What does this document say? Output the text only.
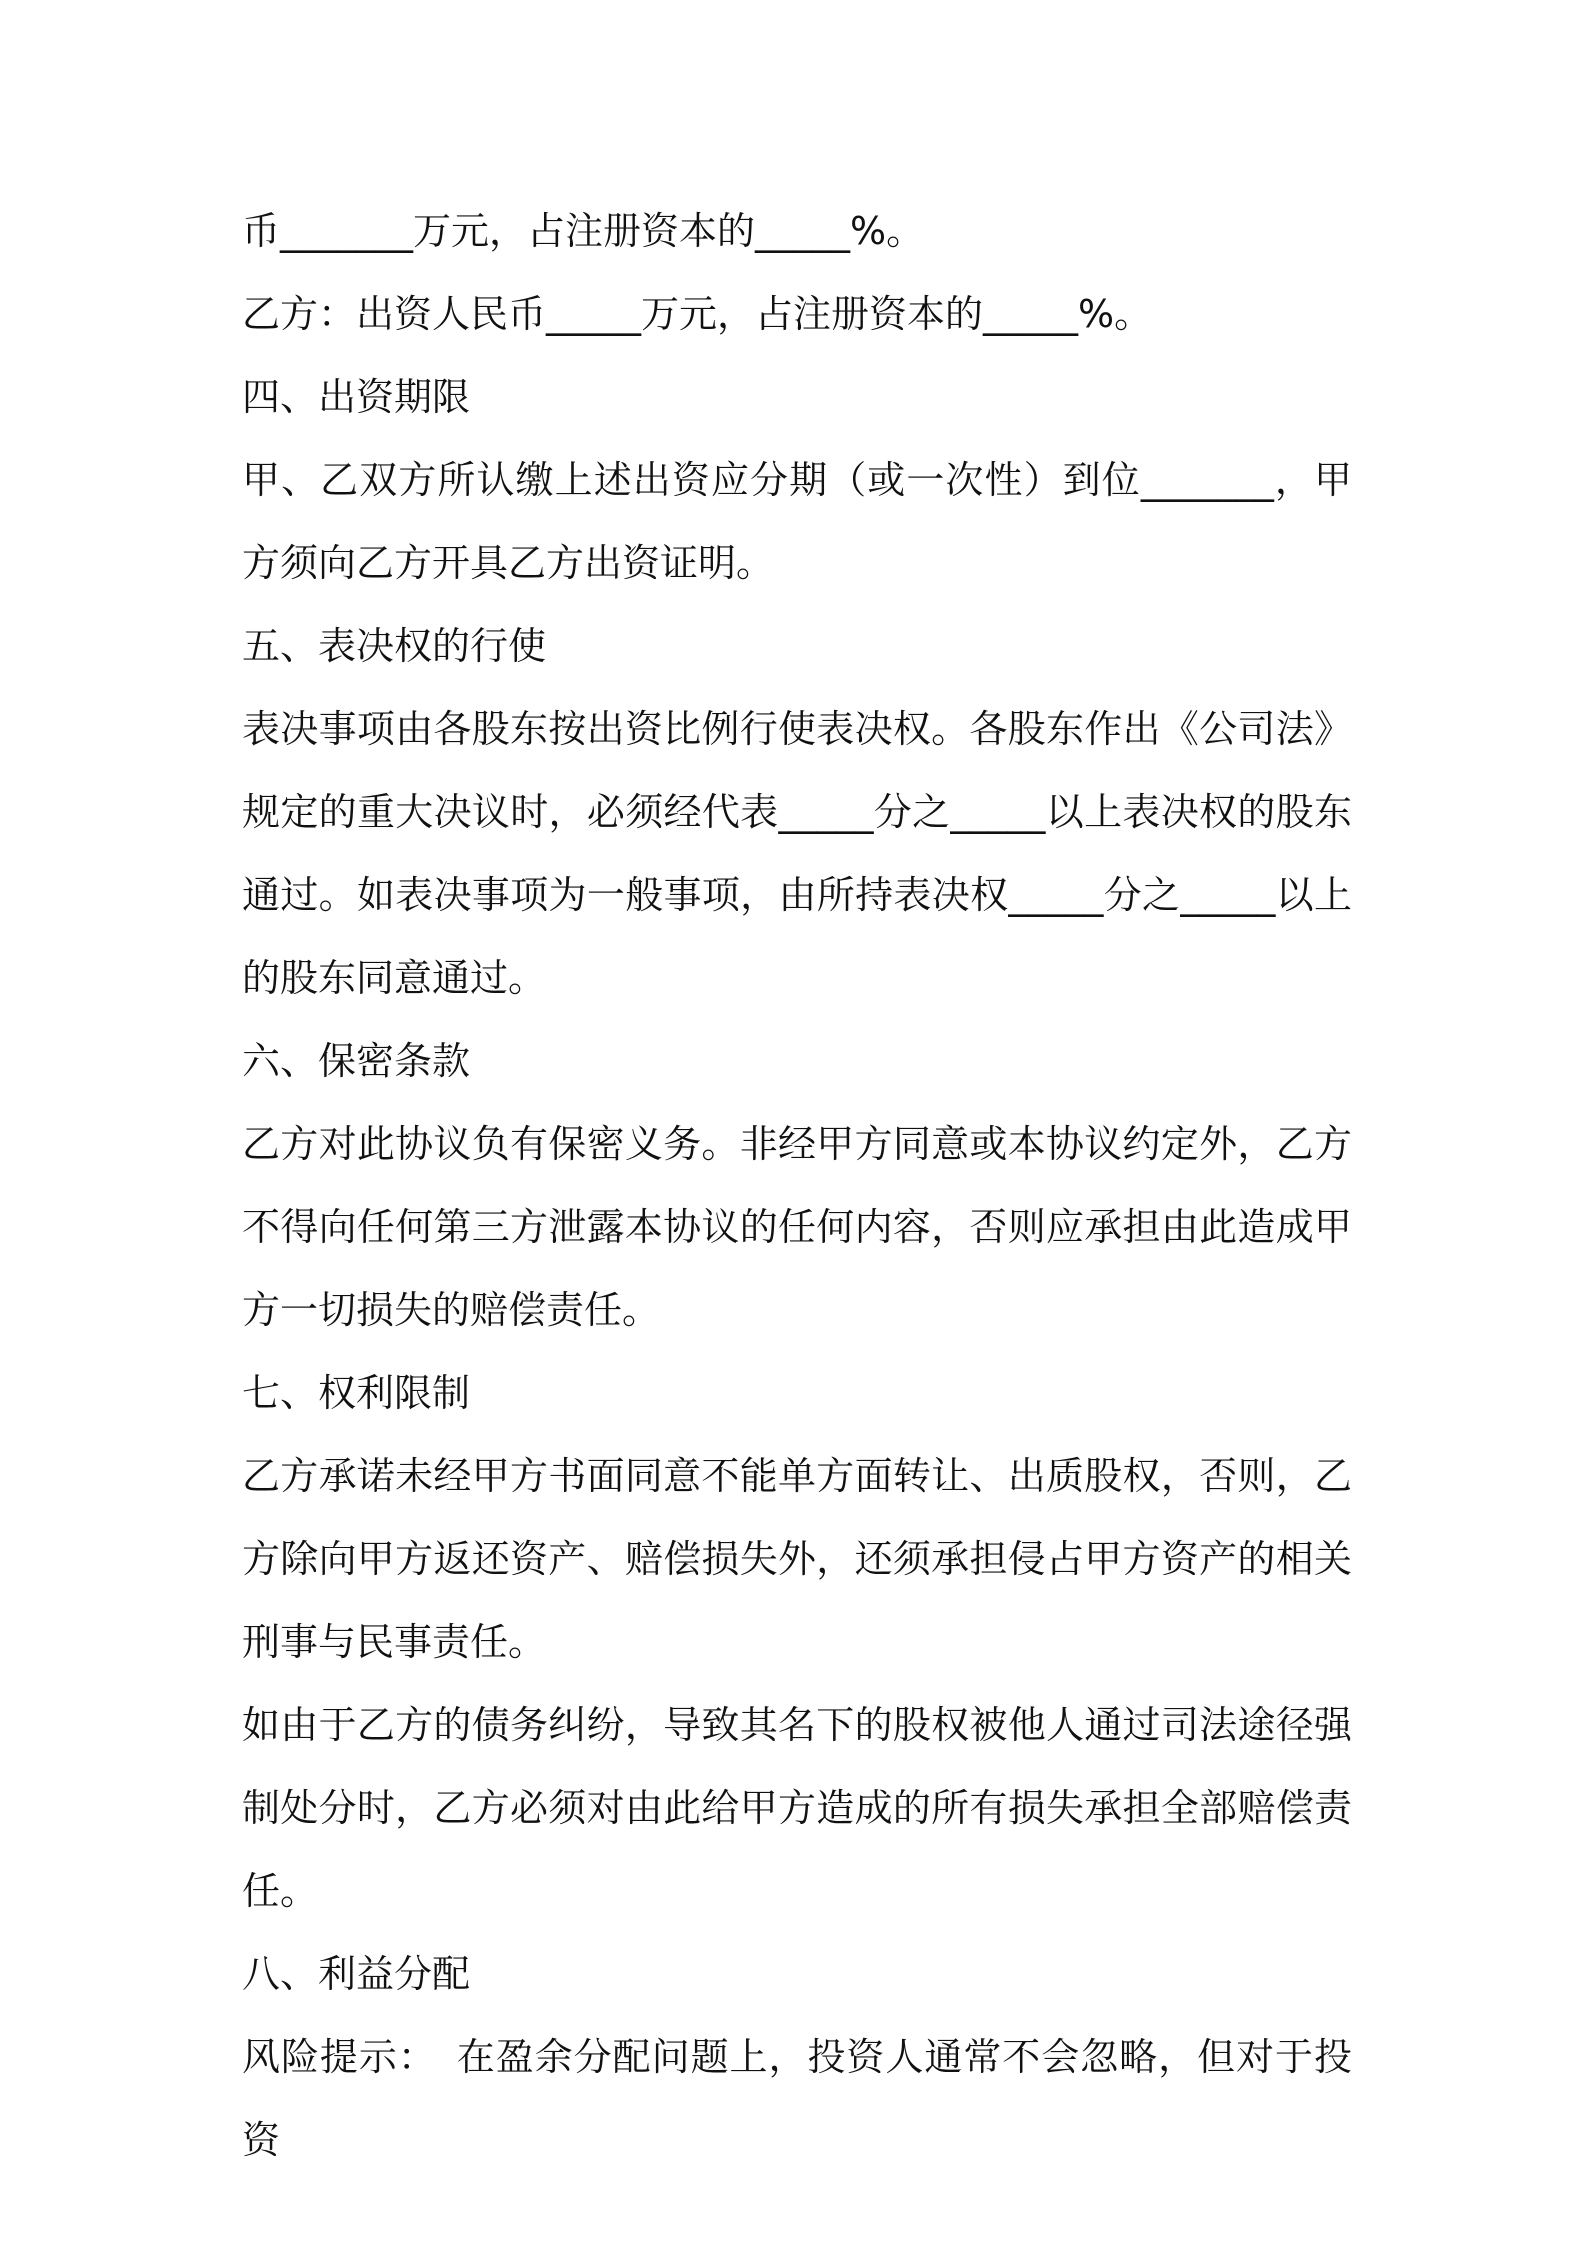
币_______万元，占注册资本的_____%。

乙方：出资人民币_____万元，占注册资本的_____%。

四、出资期限

甲、乙双方所认缴上述出资应分期（或一次性）到位_______，甲方须向乙方开具乙方出资证明。

五、表决权的行使

表决事项由各股东按出资比例行使表决权。各股东作出《公司法》规定的重大决议时，必须经代表_____分之_____以上表决权的股东通过。如表决事项为一般事项，由所持表决权_____分之_____以上的股东同意通过。

六、保密条款

乙方对此协议负有保密义务。非经甲方同意或本协议约定外，乙方不得向任何第三方泄露本协议的任何内容，否则应承担由此造成甲方一切损失的赔偿责任。

七、权利限制

乙方承诺未经甲方书面同意不能单方面转让、出质股权，否则，乙方除向甲方返还资产、赔偿损失外，还须承担侵占甲方资产的相关刑事与民事责任。

如由于乙方的债务纠纷，导致其名下的股权被他人通过司法途径强制处分时，乙方必须对由此给甲方造成的所有损失承担全部赔偿责任。

八、利益分配

风险提示：　在盈余分配问题上，投资人通常不会忽略，但对于投资
